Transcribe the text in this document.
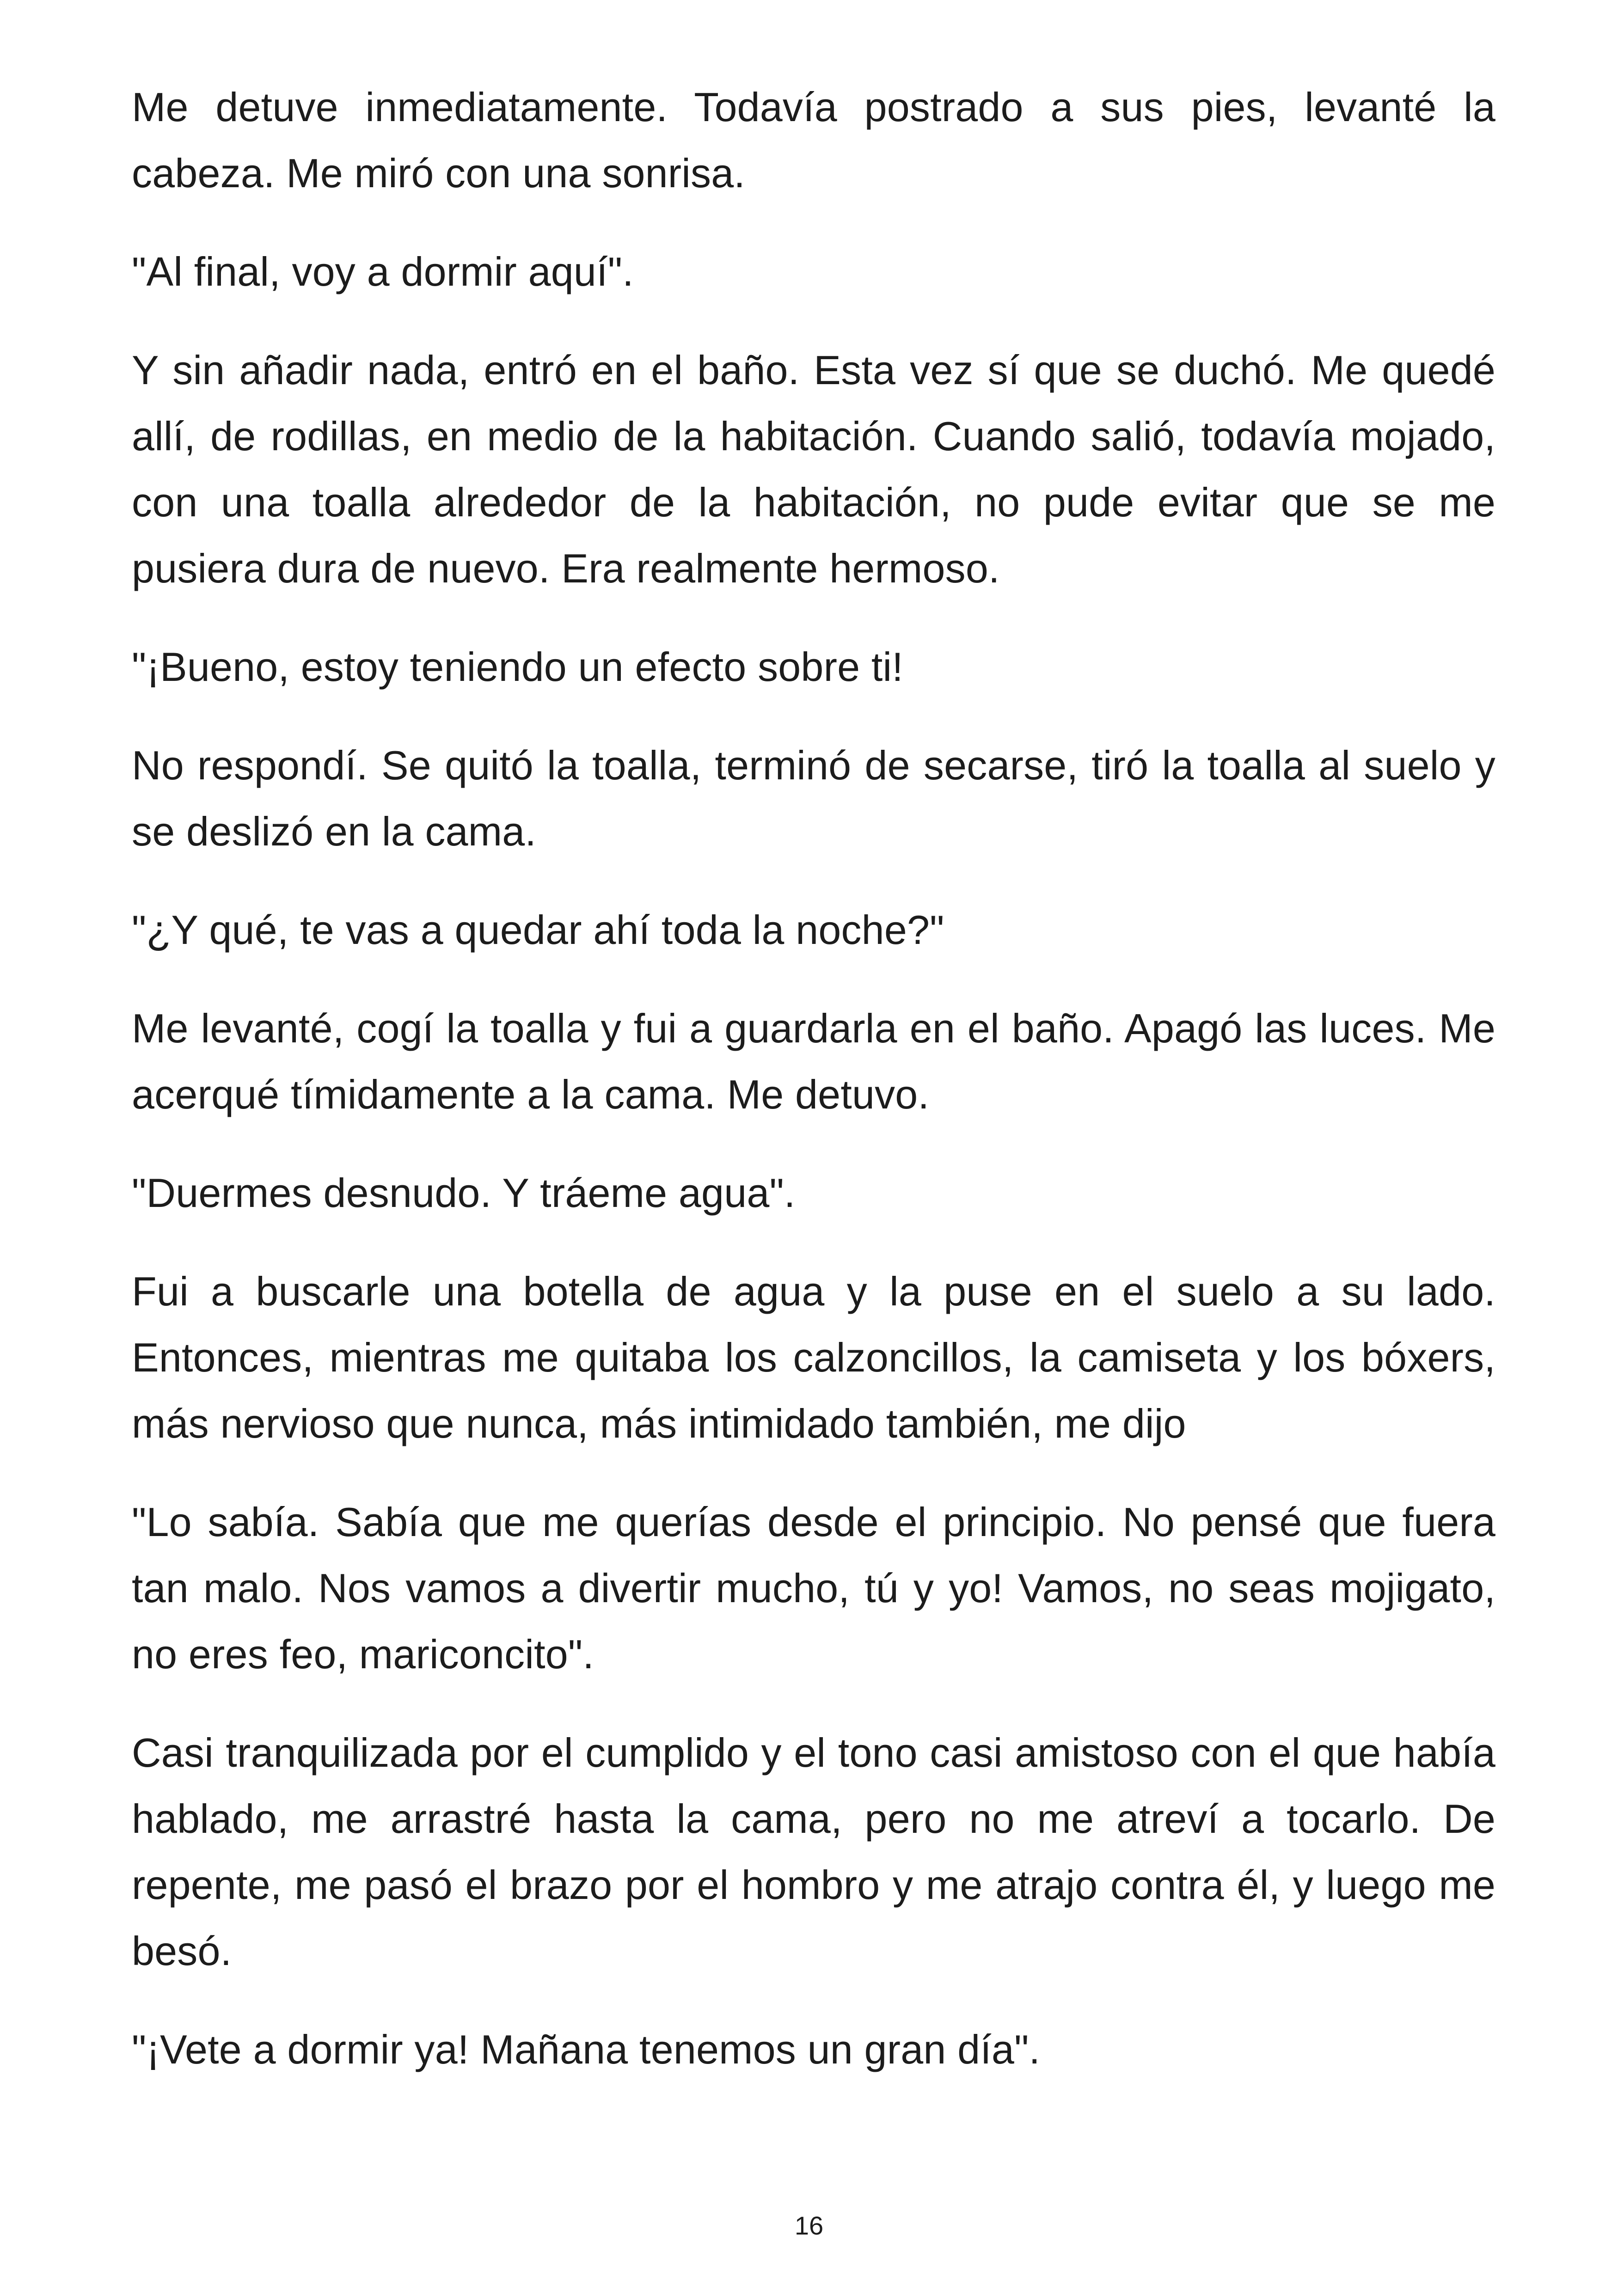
Me detuve inmediatamente. Todavía postrado a sus pies, levanté la cabeza. Me miró con una sonrisa.

"Al final, voy a dormir aquí".

Y sin añadir nada, entró en el baño. Esta vez sí que se duchó. Me quedé allí, de rodillas, en medio de la habitación. Cuando salió, todavía mojado, con una toalla alrededor de la habitación, no pude evitar que se me pusiera dura de nuevo. Era realmente hermoso.

"¡Bueno, estoy teniendo un efecto sobre ti!

No respondí. Se quitó la toalla, terminó de secarse, tiró la toalla al suelo y se deslizó en la cama.

"¿Y qué, te vas a quedar ahí toda la noche?"

Me levanté, cogí la toalla y fui a guardarla en el baño. Apagó las luces. Me acerqué tímidamente a la cama. Me detuvo.

"Duermes desnudo. Y tráeme agua".

Fui a buscarle una botella de agua y la puse en el suelo a su lado. Entonces, mientras me quitaba los calzoncillos, la camiseta y los bóxers, más nervioso que nunca, más intimidado también, me dijo

"Lo sabía. Sabía que me querías desde el principio. No pensé que fuera tan malo. Nos vamos a divertir mucho, tú y yo! Vamos, no seas mojigato, no eres feo, mariconcito".

Casi tranquilizada por el cumplido y el tono casi amistoso con el que había hablado, me arrastré hasta la cama, pero no me atreví a tocarlo. De repente, me pasó el brazo por el hombro y me atrajo contra él, y luego me besó.

"¡Vete a dormir ya! Mañana tenemos un gran día".

16
